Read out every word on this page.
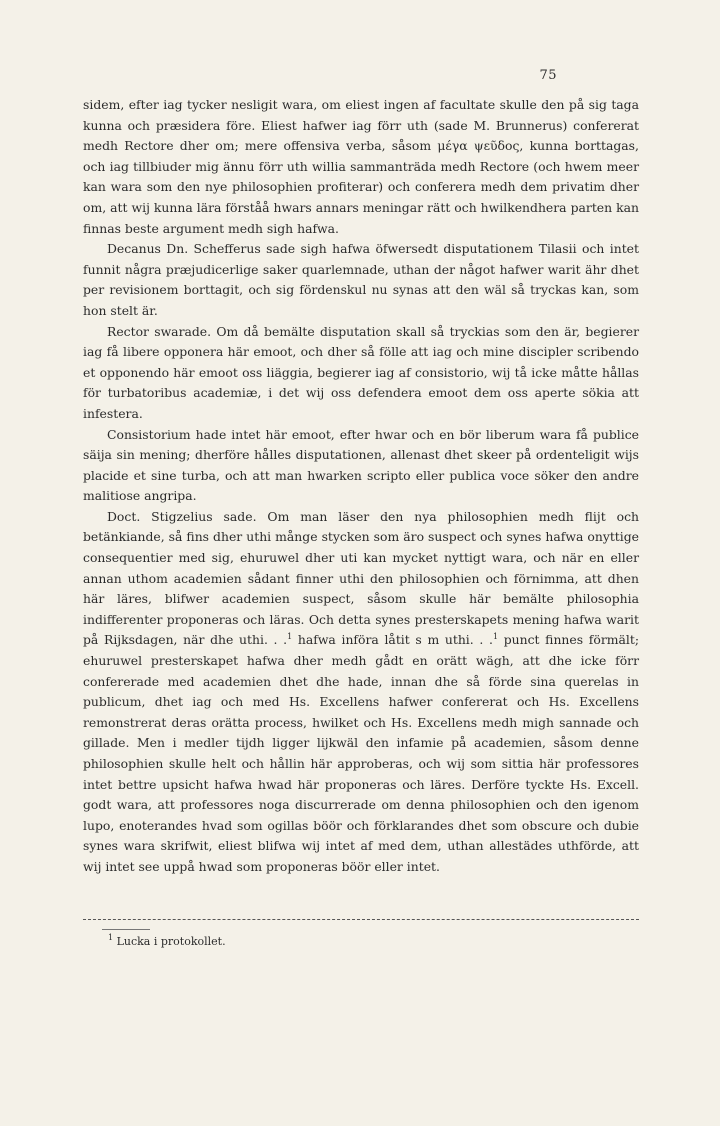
75

sidem, efter iag tycker nesligit wara, om eliest ingen af facultate skulle den på sig taga kunna och præsidera före. Eliest hafwer iag förr uth (sade M. Brunnerus) confererat medh Rectore dher om; mere offensiva verba, såsom μέγα ψεῦδος, kunna borttagas, och iag tillbiuder mig ännu förr uth willia sammanträda medh Rectore (och hwem meer kan wara som den nye philosophien profiterar) och conferera medh dem privatim dher om, att wij kunna lära förståå hwars annars meningar rätt och hwilkendhera parten kan finnas beste argument medh sigh hafwa.

Decanus Dn. Schefferus sade sigh hafwa öfwersedt disputationem Tilasii och intet funnit några præjudicerlige saker quarlemnade, uthan der något hafwer warit ähr dhet per revisionem borttagit, och sig fördenskul nu synas att den wäl så tryckas kan, som hon stelt är.

Rector swarade. Om då bemälte disputation skall så tryckias som den är, begierer iag få libere opponera här emoot, och dher så fölle att iag och mine discipler scribendo et opponendo här emoot oss liäggia, begierer iag af consistorio, wij tå icke måtte hållas för turbatoribus academiæ, i det wij oss defendera emoot dem oss aperte sökia att infestera.

Consistorium hade intet här emoot, efter hwar och en bör liberum wara få publice säija sin mening; dherföre hålles disputationen, allenast dhet skeer på ordenteligit wijs placide et sine turba, och att man hwarken scripto eller publica voce söker den andre malitiose angripa.

Doct. Stigzelius sade. Om man läser den nya philosophien medh flijt och betänkiande, så fins dher uthi månge stycken som äro suspect och synes hafwa onyttige consequentier med sig, ehuruwel dher uti kan mycket nyttigt wara, och när en eller annan uthom academien sådant finner uthi den philosophien och förnimma, att dhen här läres, blifwer academien suspect, såsom skulle här bemälte philosophia indifferenter proponeras och läras. Och detta synes presterskapets mening hafwa warit på Rijksdagen, när dhe uthi. . .$^1$ hafwa införa låtit s m uthi. . .$^1$ punct finnes förmält; ehuruwel presterskapet hafwa dher medh gådt en orätt wägh, att dhe icke förr confererade med academien dhet dhe hade, innan dhe så förde sina querelas in publicum, dhet iag och med Hs. Excellens hafwer confererat och Hs. Excellens remonstrerat deras orätta process, hwilket och Hs. Excellens medh migh sannade och gillade. Men i medler tijdh ligger lijkwäl den infamie på academien, såsom denne philosophien skulle helt och hållin här approberas, och wij som sittia här professores intet bettre upsicht hafwa hwad här proponeras och läres. Derföre tyckte Hs. Excell. godt wara, att professores noga discurrerade om denna philosophien och den igenom lupo, enoterandes hvad som ogillas böör och förklarandes dhet som obscure och dubie synes wara skrifwit, eliest blifwa wij intet af med dem, uthan allestädes uthförde, att wij intet see uppå hwad som proponeras böör eller intet.

$^1$ Lucka i protokollet.
